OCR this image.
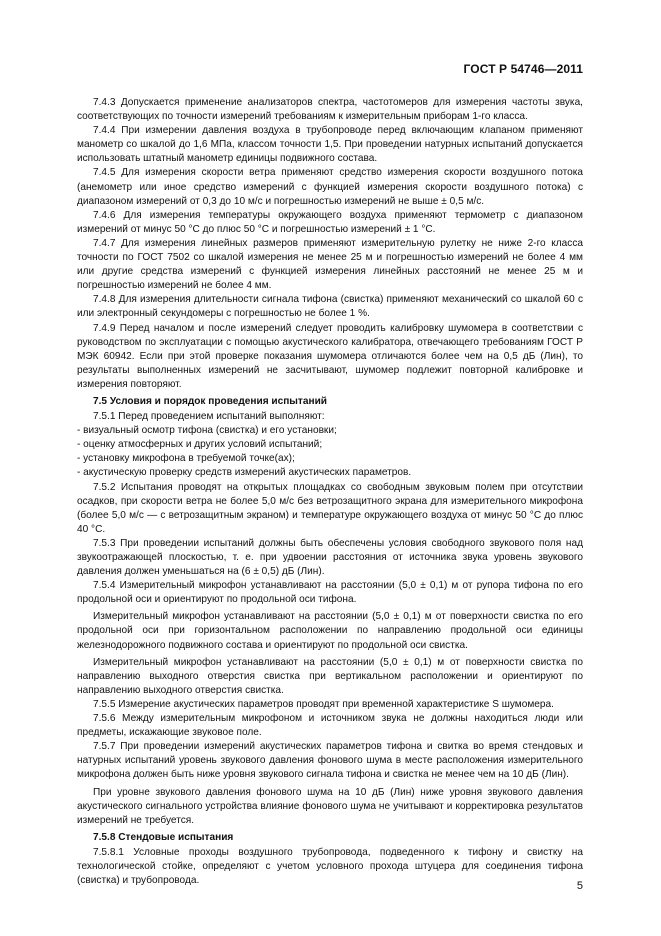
ГОСТ Р 54746—2011

7.4.3 Допускается применение анализаторов спектра, частотомеров для измерения частоты звука, соответствующих по точности измерений требованиям к измерительным приборам 1-го класса.

7.4.4 При измерении давления воздуха в трубопроводе перед включающим клапаном применяют манометр со шкалой до 1,6 МПа, классом точности 1,5. При проведении натурных испытаний допускается использовать штатный манометр единицы подвижного состава.

7.4.5 Для измерения скорости ветра применяют средство измерения скорости воздушного потока (анемометр или иное средство измерений с функцией измерения скорости воздушного потока) с диапазоном измерений от 0,3 до 10 м/с и погрешностью измерений не выше ± 0,5 м/с.

7.4.6 Для измерения температуры окружающего воздуха применяют термометр с диапазоном измерений от минус 50 °С до плюс 50 °С и погрешностью измерений ± 1 °С.

7.4.7 Для измерения линейных размеров применяют измерительную рулетку не ниже 2-го класса точности по ГОСТ 7502 со шкалой измерения не менее 25 м и погрешностью измерений не более 4 мм или другие средства измерений с функцией измерения линейных расстояний не менее 25 м и погрешностью измерений не более 4 мм.

7.4.8 Для измерения длительности сигнала тифона (свистка) применяют механический со шкалой 60 с или электронный секундомеры с погрешностью не более 1 %.

7.4.9 Перед началом и после измерений следует проводить калибровку шумомера в соответствии с руководством по эксплуатации с помощью акустического калибратора, отвечающего требованиям ГОСТ Р МЭК 60942. Если при этой проверке показания шумомера отличаются более чем на 0,5 дБ (Лин), то результаты выполненных измерений не засчитывают, шумомер подлежит повторной калибровке и измерения повторяют.

7.5 Условия и порядок проведения испытаний

7.5.1 Перед проведением испытаний выполняют:

- визуальный осмотр тифона (свистка) и его установки;

- оценку атмосферных и других условий испытаний;

- установку микрофона в требуемой точке(ах);

- акустическую проверку средств измерений акустических параметров.

7.5.2 Испытания проводят на открытых площадках со свободным звуковым полем при отсутствии осадков, при скорости ветра не более 5,0 м/с без ветрозащитного экрана для измерительного микрофона (более 5,0 м/с — с ветрозащитным экраном) и температуре окружающего воздуха от минус 50 °С до плюс 40 °С.

7.5.3 При проведении испытаний должны быть обеспечены условия свободного звукового поля над звукоотражающей плоскостью, т. е. при удвоении расстояния от источника звука уровень звукового давления должен уменьшаться на (6 ± 0,5) дБ (Лин).

7.5.4 Измерительный микрофон устанавливают на расстоянии (5,0 ± 0,1) м от рупора тифона по его продольной оси и ориентируют по продольной оси тифона.

Измерительный микрофон устанавливают на расстоянии (5,0 ± 0,1) м от поверхности свистка по его продольной оси при горизонтальном расположении по направлению продольной оси единицы железнодорожного подвижного состава и ориентируют по продольной оси свистка.

Измерительный микрофон устанавливают на расстоянии (5,0 ± 0,1) м от поверхности свистка по направлению выходного отверстия свистка при вертикальном расположении и ориентируют по направлению выходного отверстия свистка.

7.5.5 Измерение акустических параметров проводят при временной характеристике S шумомера.

7.5.6 Между измерительным микрофоном и источником звука не должны находиться люди или предметы, искажающие звуковое поле.

7.5.7 При проведении измерений акустических параметров тифона и свитка во время стендовых и натурных испытаний уровень звукового давления фонового шума в месте расположения измерительного микрофона должен быть ниже уровня звукового сигнала тифона и свистка не менее чем на 10 дБ (Лин).

При уровне звукового давления фонового шума на 10 дБ (Лин) ниже уровня звукового давления акустического сигнального устройства влияние фонового шума не учитывают и корректировка результатов измерений не требуется.

7.5.8 Стендовые испытания

7.5.8.1 Условные проходы воздушного трубопровода, подведенного к тифону и свистку на технологической стойке, определяют с учетом условного прохода штуцера для соединения тифона (свистка) и трубопровода.	5
